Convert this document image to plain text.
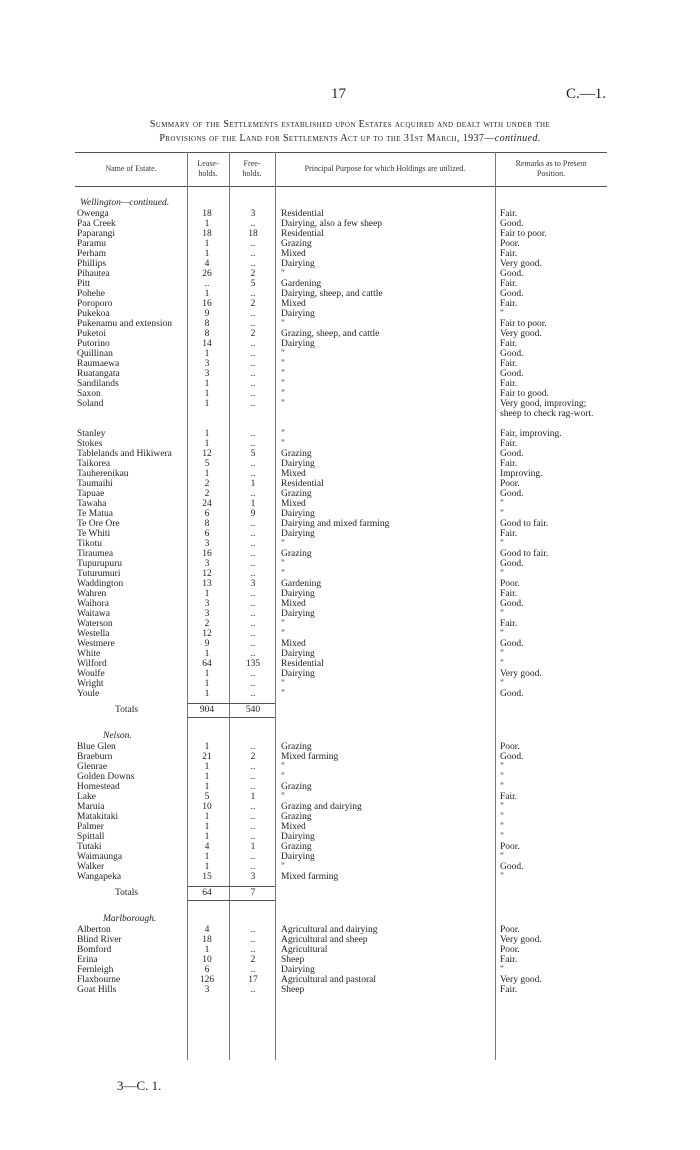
17	C.—1.
Summary of the Settlements established upon Estates acquired and dealt with under the
Provisions of the Land for Settlements Act up to the 31st March, 1937—continued.
Name of Estate.
Lease-
holds.
Free-
holds.
Principal Purpose for which Holdings are utilized.
Remarks as to Present
Position.
Wellington—continued.
Owenga	18	3	Residential	Fair.
Paa Creek	1	..	Dairying, also a few sheep	Good.
Paparangi	18	18	Residential	Fair to poor.
Paramu	1	..	Grazing	Poor.
Perham	1	..	Mixed	Fair.
Phillips	4	..	Dairying	Very good.
Pihautea	26	2	"	Good.
Pitt	..	5	Gardening	Fair.
Pohehe	1	..	Dairying, sheep, and cattle	Good.
Poroporo	16	2	Mixed	Fair.
Pukekoa	9	..	Dairying	"
Pukenamu and extension	8	..	"	Fair to poor.
Puketoi	8	2	Grazing, sheep, and cattle	Very good.
Putorino	14	..	Dairying	Fair.
Quillinan	1	..	"	Good.
Raumaewa	3	..	"	Fair.
Ruatangata	3	..	"	Good.
Sandilands	1	..	"	Fair.
Saxon	1	..	"	Fair to good.
Soland	1	..	"	Very good, improving; sheep to check rag-wort.
Stanley	1	..	"	Fair, improving.
Stokes	1	..	"	Fair.
Tablelands and Hikiwera	12	5	Grazing	Good.
Taikorea	5	..	Dairying	Fair.
Tauherenikau	1	..	Mixed	Improving.
Taumaihi	2	1	Residential	Poor.
Tapuae	2	..	Grazing	Good.
Tawaha	24	1	Mixed	"
Te Matua	6	9	Dairying	"
Te Ore Ore	8	..	Dairying and mixed farming	Good to fair.
Te Whiti	6	..	Dairying	Fair.
Tikotu	3	..	"	"
Tiraumea	16	..	Grazing	Good to fair.
Tupurupuru	3	..	"	Good.
Tuturumuri	12	..	"	"
Waddington	13	3	Gardening	Poor.
Wahren	1	..	Dairying	Fair.
Waihora	3	..	Mixed	Good.
Waitawa	3	..	Dairying	"
Waterson	2	..	"	Fair.
Westella	12	..	"	"
Westmere	9	..	Mixed	Good.
White	1	..	Dairying	"
Wilford	64	135	Residential	"
Woulfe	1	..	Dairying	Very good.
Wright	1	..	"	"
Youle	1	..	"	Good.
Totals	904	540
Nelson.
Blue Glen	1	..	Grazing	Poor.
Braeburn	21	2	Mixed farming	Good.
Glenrae	1	..	"	"
Golden Downs	1	..	"	"
Homestead	1	..	Grazing	"
Lake	5	1	"	Fair.
Maruia	10	..	Grazing and dairying	"
Matakitaki	1	..	Grazing	"
Palmer	1	..	Mixed	"
Spittall	1	..	Dairying	"
Tutaki	4	1	Grazing	Poor.
Waimaunga	1	..	Dairying	"
Walker	1	..	"	Good.
Wangapeka	15	3	Mixed farming	"
Totals	64	7
Marlborough.
Alberton	4	..	Agricultural and dairying	Poor.
Blind River	18	..	Agricultural and sheep	Very good.
Bomford	1	..	Agricultural	Poor.
Erina	10	2	Sheep	Fair.
Fernleigh	6	..	Dairying	"
Flaxbourne	126	17	Agricultural and pastoral	Very good.
Goat Hills	3	..	Sheep	Fair.
3—C. 1.
